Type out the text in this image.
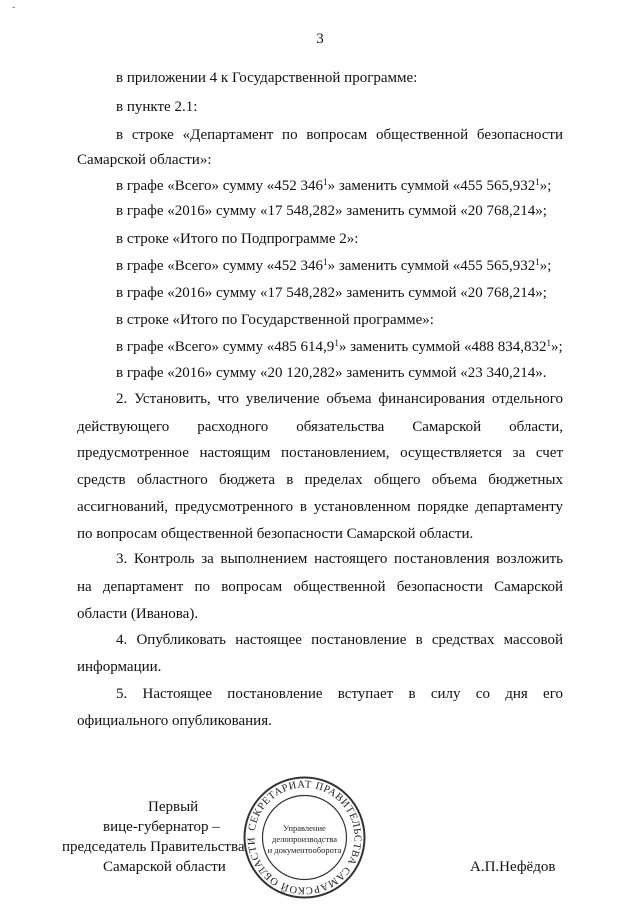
ˇ
3
в приложении 4 к Государственной программе:
в пункте 2.1:
в строке «Департамент по вопросам общественной безопасности
Самарской области»:
в графе «Всего» сумму «452 $346^1$» заменить суммой «455 565,932$^1$»;
в графе «2016» сумму «17 548,282» заменить суммой «20 768,214»;
в строке «Итого по Подпрограмме 2»:
в графе «Всего» сумму «452 $346^1$» заменить суммой «455 565,932$^1$»;
в графе «2016» сумму «17 548,282» заменить суммой «20 768,214»;
в строке «Итого по Государственной программе»:
в графе «Всего» сумму «485 614,9$^1$» заменить суммой «488 834,832$^1$»;
в графе «2016» сумму «20 120,282» заменить суммой «23 340,214».
2. Установить, что увеличение объема финансирования отдельного
действующего расходного обязательства Самарской области,
предусмотренное настоящим постановлением, осуществляется за счет
средств областного бюджета в пределах общего объема бюджетных
ассигнований, предусмотренного в установленном порядке департаменту
по вопросам общественной безопасности Самарской области.
3. Контроль за выполнением настоящего постановления возложить
на департамент по вопросам общественной безопасности Самарской
области (Иванова).
4. Опубликовать настоящее постановление в средствах массовой
информации.
5. Настоящее постановление вступает в силу со дня его
официального опубликования.
Первый
вице-губернатор –
председатель Правительства
Самарской области	А.П.Нефёдов
СЕКРЕТАРИАТ ПРАВИТЕЛЬСТВА САМАРСКОЙ ОБЛАСТИ
Управление
делопроизводства
и документооборота
